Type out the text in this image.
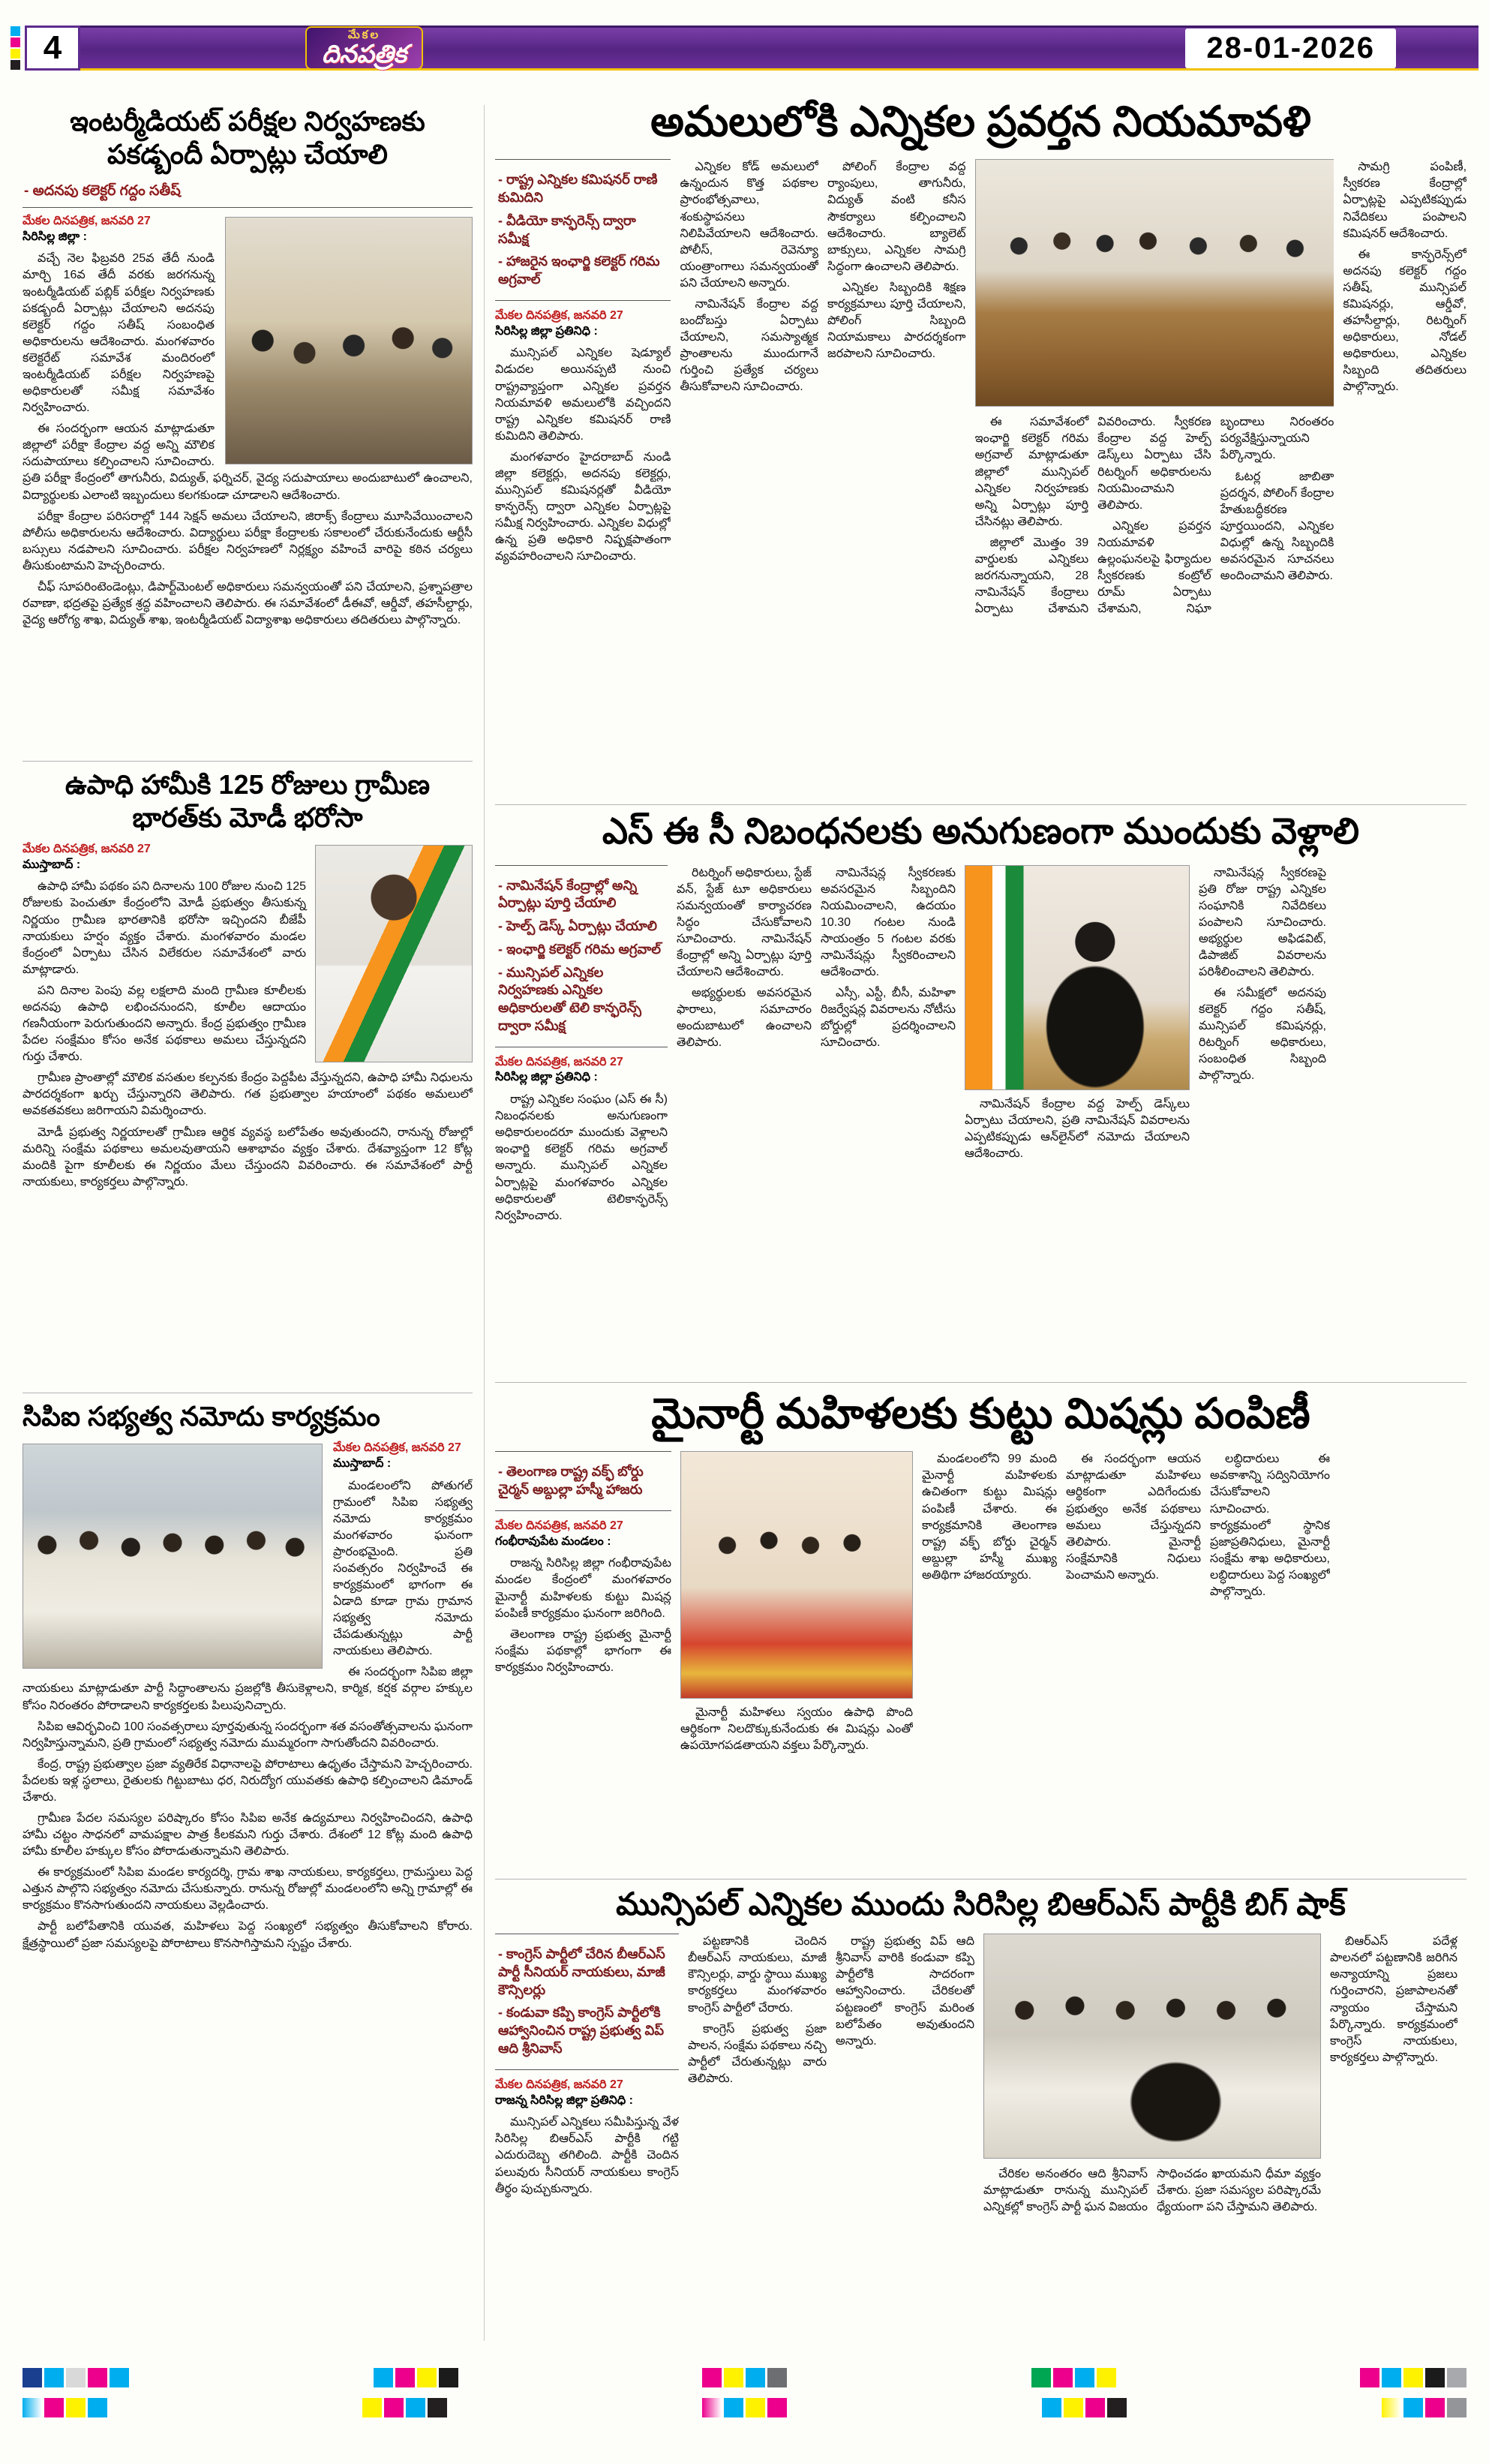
4	మేకల
దినపత్రిక	28-01-2026
ఇంటర్మీడియట్ పరీక్షల నిర్వహణకు పకడ్బందీ ఏర్పాట్లు చేయాలి
- అదనపు కలెక్టర్ గద్దం సతీష్
మేకల దినపత్రిక, జనవరి 27
సిరిసిల్ల జిల్లా :

వచ్చే నెల ఫిబ్రవరి 25వ తేదీ నుండి మార్చి 16వ తేదీ వరకు జరగనున్న ఇంటర్మీడియట్ పబ్లిక్ పరీక్షల నిర్వహణకు పకడ్బందీ ఏర్పాట్లు చేయాలని అదనపు కలెక్టర్ గద్దం సతీష్ సంబంధిత అధికారులను ఆదేశించారు. మంగళవారం కలెక్టరేట్ సమావేశ మందిరంలో ఇంటర్మీడియట్ పరీక్షల నిర్వహణపై అధికారులతో సమీక్ష సమావేశం నిర్వహించారు.

ఈ సందర్భంగా ఆయన మాట్లాడుతూ జిల్లాలో పరీక్షా కేంద్రాల వద్ద అన్ని మౌలిక సదుపాయాలు కల్పించాలని సూచించారు. ప్రతి పరీక్షా కేంద్రంలో తాగునీరు, విద్యుత్, ఫర్నిచర్, వైద్య సదుపాయాలు అందుబాటులో ఉంచాలని, విద్యార్థులకు ఎలాంటి ఇబ్బందులు కలగకుండా చూడాలని ఆదేశించారు.

పరీక్షా కేంద్రాల పరిసరాల్లో 144 సెక్షన్ అమలు చేయాలని, జిరాక్స్ కేంద్రాలు మూసివేయించాలని పోలీసు అధికారులను ఆదేశించారు. విద్యార్థులు పరీక్షా కేంద్రాలకు సకాలంలో చేరుకునేందుకు ఆర్టీసీ బస్సులు నడపాలని సూచించారు. పరీక్షల నిర్వహణలో నిర్లక్ష్యం వహించే వారిపై కఠిన చర్యలు తీసుకుంటామని హెచ్చరించారు.

చీఫ్ సూపరింటెండెంట్లు, డిపార్ట్‌మెంటల్ అధికారులు సమన్వయంతో పని చేయాలని, ప్రశ్నాపత్రాల రవాణా, భద్రతపై ప్రత్యేక శ్రద్ధ వహించాలని తెలిపారు. ఈ సమావేశంలో డీఈవో, ఆర్డీవో, తహసీల్దార్లు, వైద్య ఆరోగ్య శాఖ, విద్యుత్ శాఖ, ఇంటర్మీడియట్ విద్యాశాఖ అధికారులు తదితరులు పాల్గొన్నారు.

అమలులోకి ఎన్నికల ప్రవర్తన నియమావళి
- రాష్ట్ర ఎన్నికల కమిషనర్ రాణి కుమిదిని
- వీడియో కాన్ఫరెన్స్ ద్వారా సమీక్ష
- హాజరైన ఇంఛార్జి కలెక్టర్ గరిమ అగ్రవాల్
మేకల దినపత్రిక, జనవరి 27
సిరిసిల్ల జిల్లా ప్రతినిధి :

మున్సిపల్ ఎన్నికల షెడ్యూల్ విడుదల అయినప్పటి నుంచి రాష్ట్రవ్యాప్తంగా ఎన్నికల ప్రవర్తన నియమావళి అమలులోకి వచ్చిందని రాష్ట్ర ఎన్నికల కమిషనర్ రాణి కుమిదిని తెలిపారు.

మంగళవారం హైదరాబాద్ నుండి జిల్లా కలెక్టర్లు, అదనపు కలెక్టర్లు, మున్సిపల్ కమిషనర్లతో వీడియో కాన్ఫరెన్స్ ద్వారా ఎన్నికల ఏర్పాట్లపై సమీక్ష నిర్వహించారు. ఎన్నికల విధుల్లో ఉన్న ప్రతి అధికారి నిష్పక్షపాతంగా వ్యవహరించాలని సూచించారు.

ఎన్నికల కోడ్ అమలులో ఉన్నందున కొత్త పథకాల ప్రారంభోత్సవాలు, శంకుస్థాపనలు నిలిపివేయాలని ఆదేశించారు. పోలీస్, రెవెన్యూ యంత్రాంగాలు సమన్వయంతో పని చేయాలని అన్నారు.

నామినేషన్ కేంద్రాల వద్ద బందోబస్తు ఏర్పాటు చేయాలని, సమస్యాత్మక ప్రాంతాలను ముందుగానే గుర్తించి ప్రత్యేక చర్యలు తీసుకోవాలని సూచించారు.

పోలింగ్ కేంద్రాల వద్ద ర్యాంపులు, తాగునీరు, విద్యుత్ వంటి కనీస సౌకర్యాలు కల్పించాలని ఆదేశించారు. బ్యాలెట్ బాక్సులు, ఎన్నికల సామగ్రి సిద్ధంగా ఉంచాలని తెలిపారు.

ఎన్నికల సిబ్బందికి శిక్షణ కార్యక్రమాలు పూర్తి చేయాలని, పోలింగ్ సిబ్బంది నియామకాలు పారదర్శకంగా జరపాలని సూచించారు.

ఈ సమావేశంలో ఇంఛార్జి కలెక్టర్ గరిమ అగ్రవాల్ మాట్లాడుతూ జిల్లాలో మున్సిపల్ ఎన్నికల నిర్వహణకు అన్ని ఏర్పాట్లు పూర్తి చేసినట్లు తెలిపారు.

జిల్లాలో మొత్తం 39 వార్డులకు ఎన్నికలు జరగనున్నాయని, 28 నామినేషన్ కేంద్రాలు ఏర్పాటు చేశామని వివరించారు. స్వీకరణ కేంద్రాల వద్ద హెల్ప్ డెస్క్‌లు ఏర్పాటు చేసి రిటర్నింగ్ అధికారులను నియమించామని తెలిపారు.

ఎన్నికల ప్రవర్తన నియమావళి ఉల్లంఘనలపై ఫిర్యాదుల స్వీకరణకు కంట్రోల్ రూమ్ ఏర్పాటు చేశామని, నిఘా బృందాలు నిరంతరం పర్యవేక్షిస్తున్నాయని పేర్కొన్నారు.

ఓటర్ల జాబితా ప్రదర్శన, పోలింగ్ కేంద్రాల హేతుబద్ధీకరణ పూర్తయిందని, ఎన్నికల విధుల్లో ఉన్న సిబ్బందికి అవసరమైన సూచనలు అందించామని తెలిపారు.

సామగ్రి పంపిణీ, స్వీకరణ కేంద్రాల్లో ఏర్పాట్లపై ఎప్పటికప్పుడు నివేదికలు పంపాలని కమిషనర్ ఆదేశించారు.

ఈ కాన్ఫరెన్స్‌లో అదనపు కలెక్టర్ గద్దం సతీష్, మున్సిపల్ కమిషనర్లు, ఆర్డీవో, తహసీల్దార్లు, రిటర్నింగ్ అధికారులు, నోడల్ అధికారులు, ఎన్నికల సిబ్బంది తదితరులు పాల్గొన్నారు.

ఉపాధి హామీకి 125 రోజులు గ్రామీణ భారత్‌కు మోడీ భరోసా
మేకల దినపత్రిక, జనవరి 27
ముస్తాబాద్ :

ఉపాధి హామీ పథకం పని దినాలను 100 రోజుల నుంచి 125 రోజులకు పెంచుతూ కేంద్రంలోని మోడీ ప్రభుత్వం తీసుకున్న నిర్ణయం గ్రామీణ భారతానికి భరోసా ఇచ్చిందని బీజేపీ నాయకులు హర్షం వ్యక్తం చేశారు. మంగళవారం మండల కేంద్రంలో ఏర్పాటు చేసిన విలేకరుల సమావేశంలో వారు మాట్లాడారు.

పని దినాల పెంపు వల్ల లక్షలాది మంది గ్రామీణ కూలీలకు అదనపు ఉపాధి లభించనుందని, కూలీల ఆదాయం గణనీయంగా పెరుగుతుందని అన్నారు. కేంద్ర ప్రభుత్వం గ్రామీణ పేదల సంక్షేమం కోసం అనేక పథకాలు అమలు చేస్తున్నదని గుర్తు చేశారు.

గ్రామీణ ప్రాంతాల్లో మౌలిక వసతుల కల్పనకు కేంద్రం పెద్దపీట వేస్తున్నదని, ఉపాధి హామీ నిధులను పారదర్శకంగా ఖర్చు చేస్తున్నారని తెలిపారు. గత ప్రభుత్వాల హయాంలో పథకం అమలులో అవకతవకలు జరిగాయని విమర్శించారు.

మోడీ ప్రభుత్వ నిర్ణయాలతో గ్రామీణ ఆర్థిక వ్యవస్థ బలోపేతం అవుతుందని, రానున్న రోజుల్లో మరిన్ని సంక్షేమ పథకాలు అమలవుతాయని ఆశాభావం వ్యక్తం చేశారు. దేశవ్యాప్తంగా 12 కోట్ల మందికి పైగా కూలీలకు ఈ నిర్ణయం మేలు చేస్తుందని వివరించారు. ఈ సమావేశంలో పార్టీ నాయకులు, కార్యకర్తలు పాల్గొన్నారు.

ఎస్ ఈ సీ నిబంధనలకు అనుగుణంగా ముందుకు వెళ్లాలి
- నామినేషన్ కేంద్రాల్లో అన్ని ఏర్పాట్లు పూర్తి చేయాలి
- హెల్ప్ డెస్క్ ఏర్పాట్లు చేయాలి
- ఇంఛార్జి కలెక్టర్ గరిమ అగ్రవాల్
- మున్సిపల్ ఎన్నికల నిర్వహణకు ఎన్నికల అధికారులతో టెలి కాన్ఫరెన్స్ ద్వారా సమీక్ష
మేకల దినపత్రిక, జనవరి 27
సిరిసిల్ల జిల్లా ప్రతినిధి :

రాష్ట్ర ఎన్నికల సంఘం (ఎస్ ఈ సీ) నిబంధనలకు అనుగుణంగా అధికారులందరూ ముందుకు వెళ్లాలని ఇంఛార్జి కలెక్టర్ గరిమ అగ్రవాల్ అన్నారు. మున్సిపల్ ఎన్నికల ఏర్పాట్లపై మంగళవారం ఎన్నికల అధికారులతో టెలికాన్ఫరెన్స్ నిర్వహించారు.

రిటర్నింగ్ అధికారులు, స్టేజ్ వన్, స్టేజ్ టూ అధికారులు సమన్వయంతో కార్యాచరణ సిద్ధం చేసుకోవాలని సూచించారు. నామినేషన్ కేంద్రాల్లో అన్ని ఏర్పాట్లు పూర్తి చేయాలని ఆదేశించారు.

అభ్యర్థులకు అవసరమైన ఫారాలు, సమాచారం అందుబాటులో ఉంచాలని తెలిపారు.

నామినేషన్ల స్వీకరణకు అవసరమైన సిబ్బందిని నియమించాలని, ఉదయం 10.30 గంటల నుండి సాయంత్రం 5 గంటల వరకు నామినేషన్లు స్వీకరించాలని ఆదేశించారు.

ఎస్సీ, ఎస్టీ, బీసీ, మహిళా రిజర్వేషన్ల వివరాలను నోటీసు బోర్డుల్లో ప్రదర్శించాలని సూచించారు.

నామినేషన్ కేంద్రాల వద్ద హెల్ప్ డెస్క్‌లు ఏర్పాటు చేయాలని, ప్రతి నామినేషన్ వివరాలను ఎప్పటికప్పుడు ఆన్‌లైన్‌లో నమోదు చేయాలని ఆదేశించారు.

నామినేషన్ల స్వీకరణపై ప్రతి రోజు రాష్ట్ర ఎన్నికల సంఘానికి నివేదికలు పంపాలని సూచించారు. అభ్యర్థుల అఫిడవిట్, డిపాజిట్ వివరాలను పరిశీలించాలని తెలిపారు.

ఈ సమీక్షలో అదనపు కలెక్టర్ గద్దం సతీష్, మున్సిపల్ కమిషనర్లు, రిటర్నింగ్ అధికారులు, సంబంధిత సిబ్బంది పాల్గొన్నారు.

సిపిఐ సభ్యత్వ నమోదు కార్యక్రమం
మేకల దినపత్రిక, జనవరి 27
ముస్తాబాద్ :

మండలంలోని పోతుగల్ గ్రామంలో సిపిఐ సభ్యత్వ నమోదు కార్యక్రమం మంగళవారం ఘనంగా ప్రారంభమైంది. ప్రతి సంవత్సరం నిర్వహించే ఈ కార్యక్రమంలో భాగంగా ఈ ఏడాది కూడా గ్రామ గ్రామాన సభ్యత్వ నమోదు చేపడుతున్నట్లు పార్టీ నాయకులు తెలిపారు.

ఈ సందర్భంగా సిపిఐ జిల్లా నాయకులు మాట్లాడుతూ పార్టీ సిద్ధాంతాలను ప్రజల్లోకి తీసుకెళ్లాలని, కార్మిక, కర్షక వర్గాల హక్కుల కోసం నిరంతరం పోరాడాలని కార్యకర్తలకు పిలుపునిచ్చారు.

సిపిఐ ఆవిర్భవించి 100 సంవత్సరాలు పూర్తవుతున్న సందర్భంగా శత వసంతోత్సవాలను ఘనంగా నిర్వహిస్తున్నామని, ప్రతి గ్రామంలో సభ్యత్వ నమోదు ముమ్మరంగా సాగుతోందని వివరించారు.

కేంద్ర, రాష్ట్ర ప్రభుత్వాల ప్రజా వ్యతిరేక విధానాలపై పోరాటాలు ఉధృతం చేస్తామని హెచ్చరించారు. పేదలకు ఇళ్ల స్థలాలు, రైతులకు గిట్టుబాటు ధర, నిరుద్యోగ యువతకు ఉపాధి కల్పించాలని డిమాండ్ చేశారు.

గ్రామీణ పేదల సమస్యల పరిష్కారం కోసం సిపిఐ అనేక ఉద్యమాలు నిర్వహించిందని, ఉపాధి హామీ చట్టం సాధనలో వామపక్షాల పాత్ర కీలకమని గుర్తు చేశారు. దేశంలో 12 కోట్ల మంది ఉపాధి హామీ కూలీల హక్కుల కోసం పోరాడుతున్నామని తెలిపారు.

ఈ కార్యక్రమంలో సిపిఐ మండల కార్యదర్శి, గ్రామ శాఖ నాయకులు, కార్యకర్తలు, గ్రామస్తులు పెద్ద ఎత్తున పాల్గొని సభ్యత్వం నమోదు చేసుకున్నారు. రానున్న రోజుల్లో మండలంలోని అన్ని గ్రామాల్లో ఈ కార్యక్రమం కొనసాగుతుందని నాయకులు వెల్లడించారు.

పార్టీ బలోపేతానికి యువత, మహిళలు పెద్ద సంఖ్యలో సభ్యత్వం తీసుకోవాలని కోరారు. క్షేత్రస్థాయిలో ప్రజా సమస్యలపై పోరాటాలు కొనసాగిస్తామని స్పష్టం చేశారు.

మైనార్టీ మహిళలకు కుట్టు మిషన్లు పంపిణీ
- తెలంగాణ రాష్ట్ర వక్ఫ్ బోర్డు చైర్మన్ అబ్దుల్లా హస్మీ హాజరు
మేకల దినపత్రిక, జనవరి 27
గంభీరావుపేట మండలం :

రాజన్న సిరిసిల్ల జిల్లా గంభీరావుపేట మండల కేంద్రంలో మంగళవారం మైనార్టీ మహిళలకు కుట్టు మిషన్ల పంపిణీ కార్యక్రమం ఘనంగా జరిగింది.

తెలంగాణ రాష్ట్ర ప్రభుత్వ మైనార్టీ సంక్షేమ పథకాల్లో భాగంగా ఈ కార్యక్రమం నిర్వహించారు.

మైనార్టీ మహిళలు స్వయం ఉపాధి పొంది ఆర్థికంగా నిలదొక్కుకునేందుకు ఈ మిషన్లు ఎంతో ఉపయోగపడతాయని వక్తలు పేర్కొన్నారు.

మండలంలోని 99 మంది మైనార్టీ మహిళలకు ఉచితంగా కుట్టు మిషన్లు పంపిణీ చేశారు. ఈ కార్యక్రమానికి తెలంగాణ రాష్ట్ర వక్ఫ్ బోర్డు చైర్మన్ అబ్దుల్లా హస్మీ ముఖ్య అతిథిగా హాజరయ్యారు.

ఈ సందర్భంగా ఆయన మాట్లాడుతూ మహిళలు ఆర్థికంగా ఎదిగేందుకు ప్రభుత్వం అనేక పథకాలు అమలు చేస్తున్నదని తెలిపారు. మైనార్టీ సంక్షేమానికి నిధులు పెంచామని అన్నారు.

లబ్ధిదారులు ఈ అవకాశాన్ని సద్వినియోగం చేసుకోవాలని సూచించారు. కార్యక్రమంలో స్థానిక ప్రజాప్రతినిధులు, మైనార్టీ సంక్షేమ శాఖ అధికారులు, లబ్ధిదారులు పెద్ద సంఖ్యలో పాల్గొన్నారు.

మున్సిపల్ ఎన్నికల ముందు సిరిసిల్ల బిఆర్ఎస్ పార్టీకి బిగ్ షాక్
- కాంగ్రెస్ పార్టీలో చేరిన బీఆర్ఎస్ పార్టీ సీనియర్ నాయకులు, మాజీ కౌన్సిలర్లు
- కండువా కప్పి కాంగ్రెస్ పార్టీలోకి ఆహ్వానించిన రాష్ట్ర ప్రభుత్వ విప్ ఆది శ్రీనివాస్
మేకల దినపత్రిక, జనవరి 27
రాజన్న సిరిసిల్ల జిల్లా ప్రతినిధి :

మున్సిపల్ ఎన్నికలు సమీపిస్తున్న వేళ సిరిసిల్ల బిఆర్ఎస్ పార్టీకి గట్టి ఎదురుదెబ్బ తగిలింది. పార్టీకి చెందిన పలువురు సీనియర్ నాయకులు కాంగ్రెస్ తీర్థం పుచ్చుకున్నారు.

పట్టణానికి చెందిన బీఆర్ఎస్ నాయకులు, మాజీ కౌన్సిలర్లు, వార్డు స్థాయి ముఖ్య కార్యకర్తలు మంగళవారం కాంగ్రెస్ పార్టీలో చేరారు.

కాంగ్రెస్ ప్రభుత్వ ప్రజా పాలన, సంక్షేమ పథకాలు నచ్చి పార్టీలో చేరుతున్నట్లు వారు తెలిపారు.

రాష్ట్ర ప్రభుత్వ విప్ ఆది శ్రీనివాస్ వారికి కండువా కప్పి పార్టీలోకి సాదరంగా ఆహ్వానించారు. చేరికలతో పట్టణంలో కాంగ్రెస్ మరింత బలోపేతం అవుతుందని అన్నారు.

చేరికల అనంతరం ఆది శ్రీనివాస్ మాట్లాడుతూ రానున్న మున్సిపల్ ఎన్నికల్లో కాంగ్రెస్ పార్టీ ఘన విజయం సాధించడం ఖాయమని ధీమా వ్యక్తం చేశారు. ప్రజా సమస్యల పరిష్కారమే ధ్యేయంగా పని చేస్తామని తెలిపారు.

బిఆర్ఎస్ పదేళ్ల పాలనలో పట్టణానికి జరిగిన అన్యాయాన్ని ప్రజలు గుర్తించారని, ప్రజాపాలనతో న్యాయం చేస్తామని పేర్కొన్నారు. కార్యక్రమంలో కాంగ్రెస్ నాయకులు, కార్యకర్తలు పాల్గొన్నారు.
